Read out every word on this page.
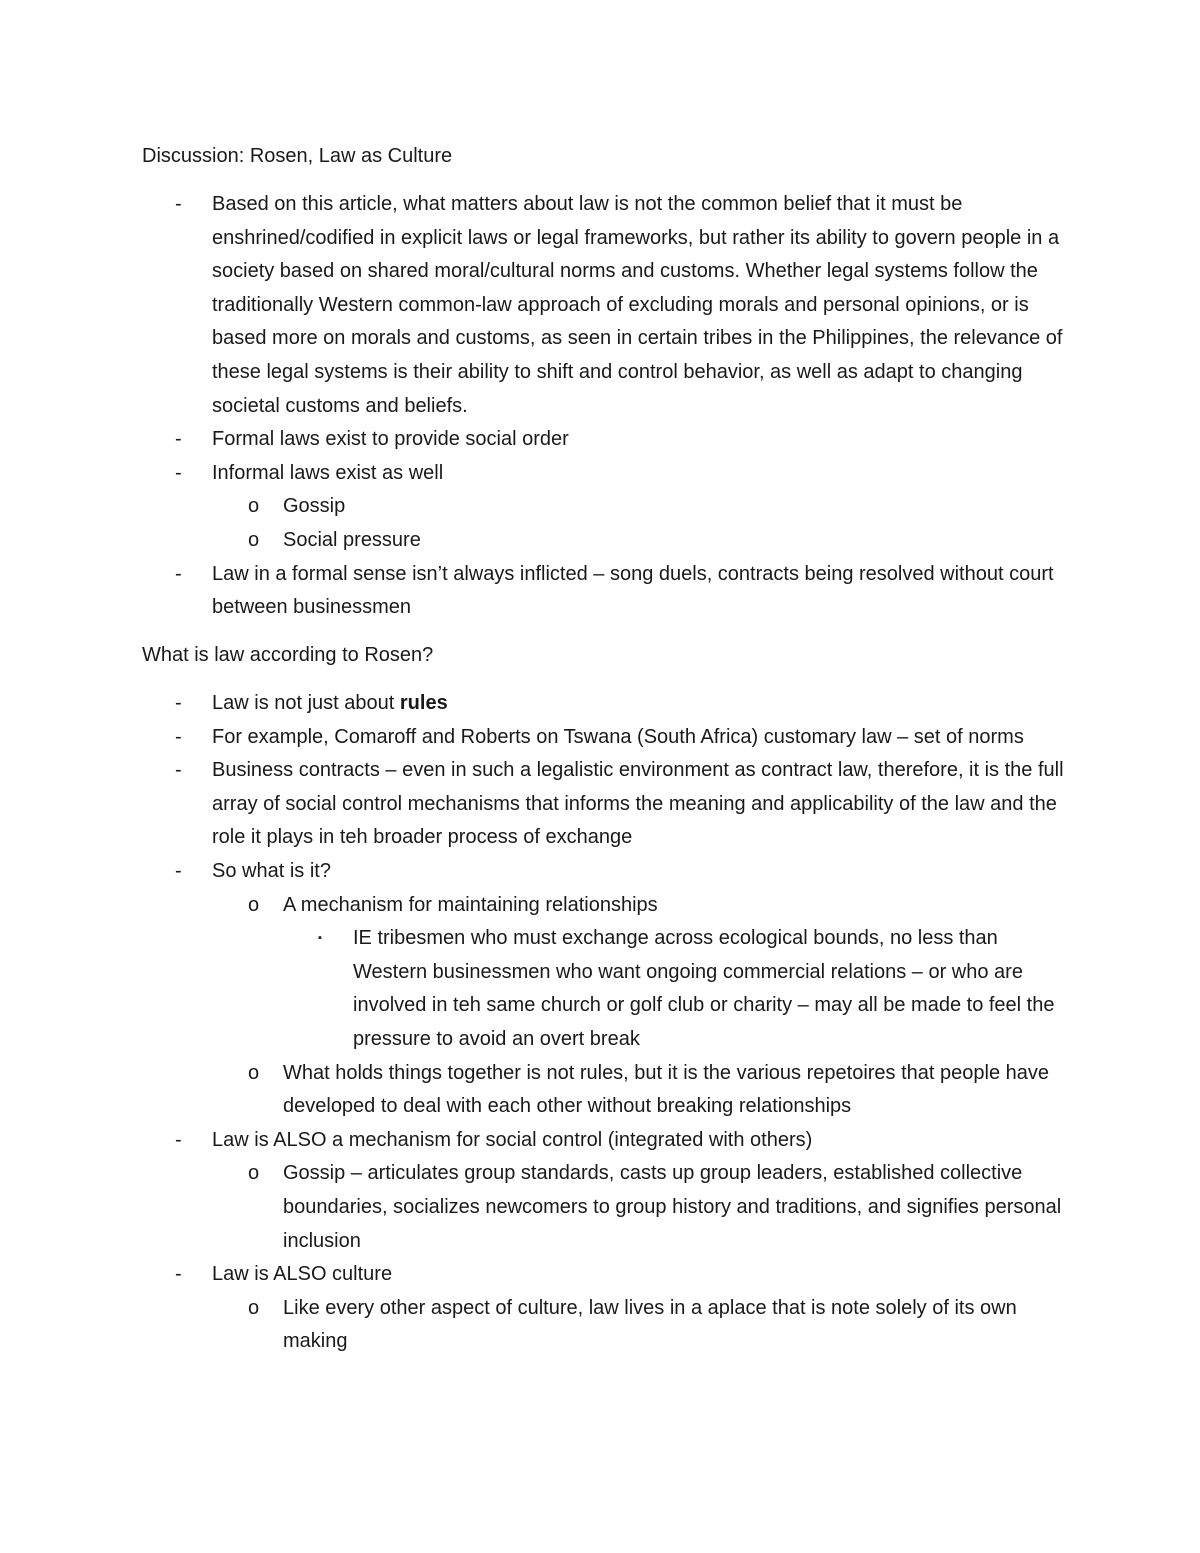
Discussion: Rosen, Law as Culture
- Based on this article, what matters about law is not the common belief that it must be enshrined/codified in explicit laws or legal frameworks, but rather its ability to govern people in a society based on shared moral/cultural norms and customs. Whether legal systems follow the traditionally Western common-law approach of excluding morals and personal opinions, or is based more on morals and customs, as seen in certain tribes in the Philippines, the relevance of these legal systems is their ability to shift and control behavior, as well as adapt to changing societal customs and beliefs.
- Formal laws exist to provide social order
- Informal laws exist as well
o Gossip
o Social pressure
- Law in a formal sense isn’t always inflicted – song duels, contracts being resolved without court between businessmen
What is law according to Rosen?
- Law is not just about rules
- For example, Comaroff and Roberts on Tswana (South Africa) customary law – set of norms
- Business contracts – even in such a legalistic environment as contract law, therefore, it is the full array of social control mechanisms that informs the meaning and applicability of the law and the role it plays in teh broader process of exchange
- So what is it?
o A mechanism for maintaining relationships
▪ IE tribesmen who must exchange across ecological bounds, no less than Western businessmen who want ongoing commercial relations – or who are involved in teh same church or golf club or charity – may all be made to feel the pressure to avoid an overt break
o What holds things together is not rules, but it is the various repetoires that people have developed to deal with each other without breaking relationships
- Law is ALSO a mechanism for social control (integrated with others)
o Gossip – articulates group standards, casts up group leaders, established collective boundaries, socializes newcomers to group history and traditions, and signifies personal inclusion
- Law is ALSO culture
o Like every other aspect of culture, law lives in a aplace that is note solely of its own making
